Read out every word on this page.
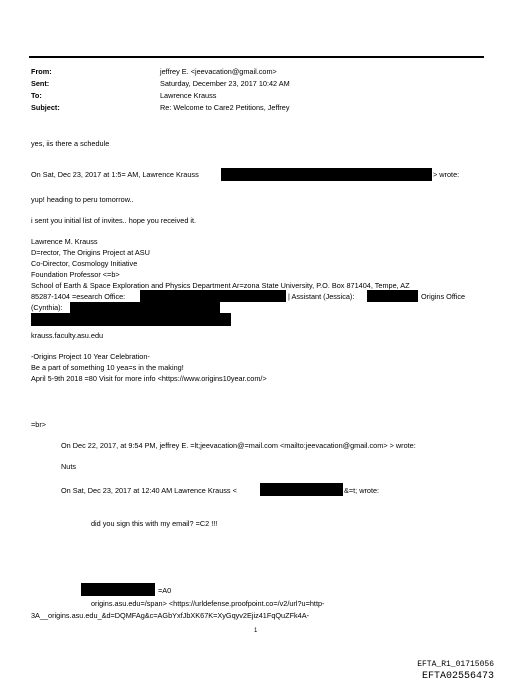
From:	jeffrey E. <jeevacation@gmail.com>
Sent:	Saturday, December 23, 2017 10:42 AM
To:	Lawrence Krauss
Subject:	Re: Welcome to Care2 Petitions, Jeffrey
yes, iis there a schedule
On Sat, Dec 23, 2017 at 1:5= AM, Lawrence Krauss	> wrote:
yup! heading to peru tomorrow..
i sent you initial list of invites.. hope you received it.
Lawrence M. Krauss
D=rector, The Origins Project at ASU
Co-Director, Cosmology Initiative
Foundation Professor <=b>
School of Earth & Space Exploration and Physics Department Ar=zona State University, P.O. Box 871404, Tempe, AZ
85287-1404 =esearch Office:	| Assistant (Jessica):	Origins Office
(Cynthia):
krauss.faculty.asu.edu
-Origins Project 10 Year Celebration-
Be a part of something 10 yea=s in the making!
April 5-9th 2018 =80 Visit for more info <https://www.origins10year.com/>
=br>
On Dec 22, 2017, at 9:54 PM, jeffrey E. =lt;jeevacation@=mail.com <mailto:jeevacation@gmail.com> > wrote:
Nuts
On Sat, Dec 23, 2017 at 12:40 AM Lawrence Krauss <	&=t; wrote:
did you sign this with my email? =C2 !!!
=A0
origins.asu.edu=/span> <https://urldefense.proofpoint.co=/v2/url?u=http-
3A__origins.asu.edu_&d=DQMFAg&c=AGbYxfJbXK67K=XyGqyv2Ejiz41FqQuZFk4A-
1
EFTA_R1_01715056
EFTA02556473
